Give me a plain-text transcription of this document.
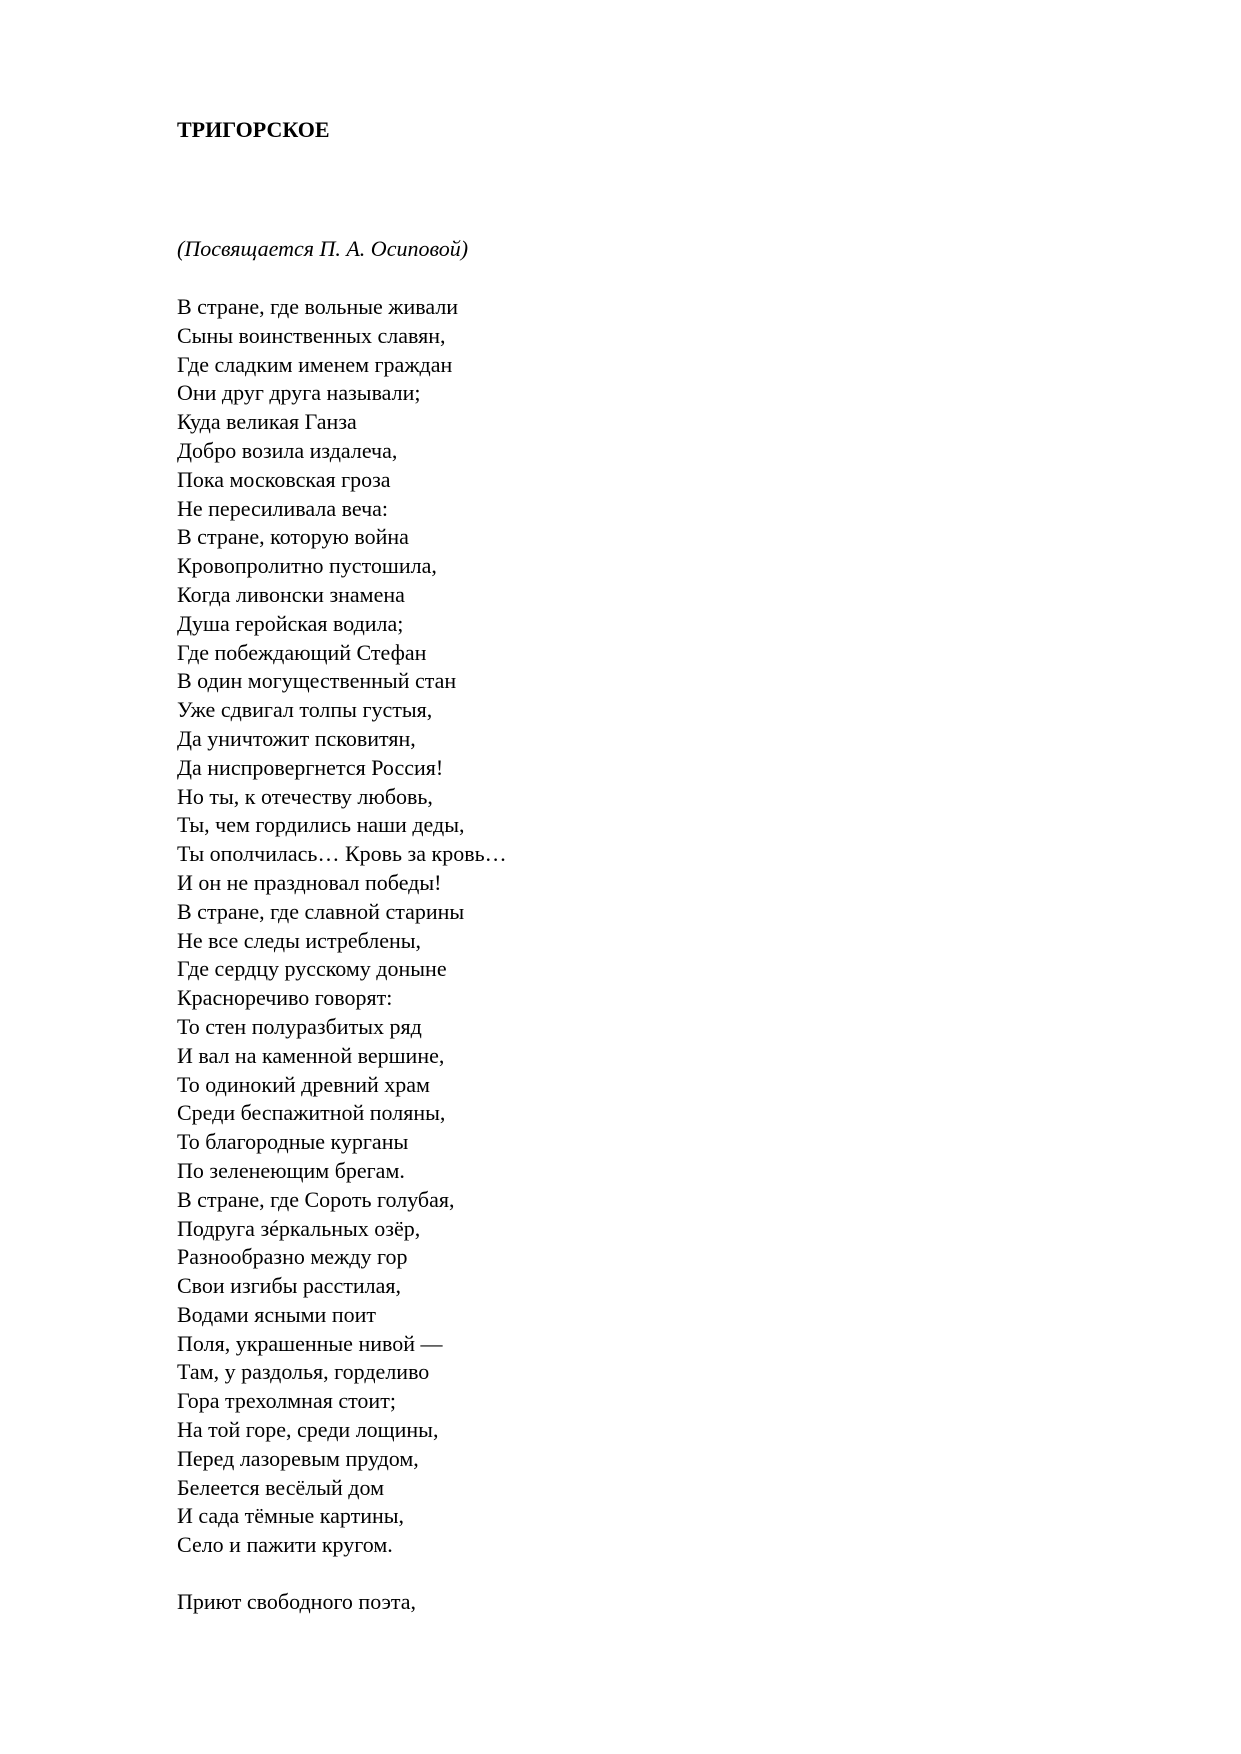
ТРИГОРСКОЕ

(Посвящается П. А. Осиповой)

В стране, где вольные живали
Сыны воинственных славян,
Где сладким именем граждан
Они друг друга называли;
Куда великая Ганза
Добро возила издалеча,
Пока московская гроза
Не пересиливала веча:
В стране, которую война
Кровопролитно пустошила,
Когда ливонски знамена
Душа геройская водила;
Где побеждающий Стефан
В один могущественный стан
Уже сдвигал толпы густыя,
Да уничтожит псковитян,
Да ниспровергнется Россия!
Но ты, к отечеству любовь,
Ты, чем гордились наши деды,
Ты ополчилась… Кровь за кровь…
И он не праздновал победы!
В стране, где славной старины
Не все следы истреблены,
Где сердцу русскому доныне
Красноречиво говорят:
То стен полуразбитых ряд
И вал на каменной вершине,
То одинокий древний храм
Среди беспажитной поляны,
То благородные курганы
По зеленеющим брегам.
В стране, где Сороть голубая,
Подруга зéркальных озёр,
Разнообразно между гор
Свои изгибы расстилая,
Водами ясными поит
Поля, украшенные нивой —
Там, у раздолья, горделиво
Гора трехолмная стоит;
На той горе, среди лощины,
Перед лазоревым прудом,
Белеется весёлый дом
И сада тёмные картины,
Село и пажити кругом.
Приют свободного поэта,
